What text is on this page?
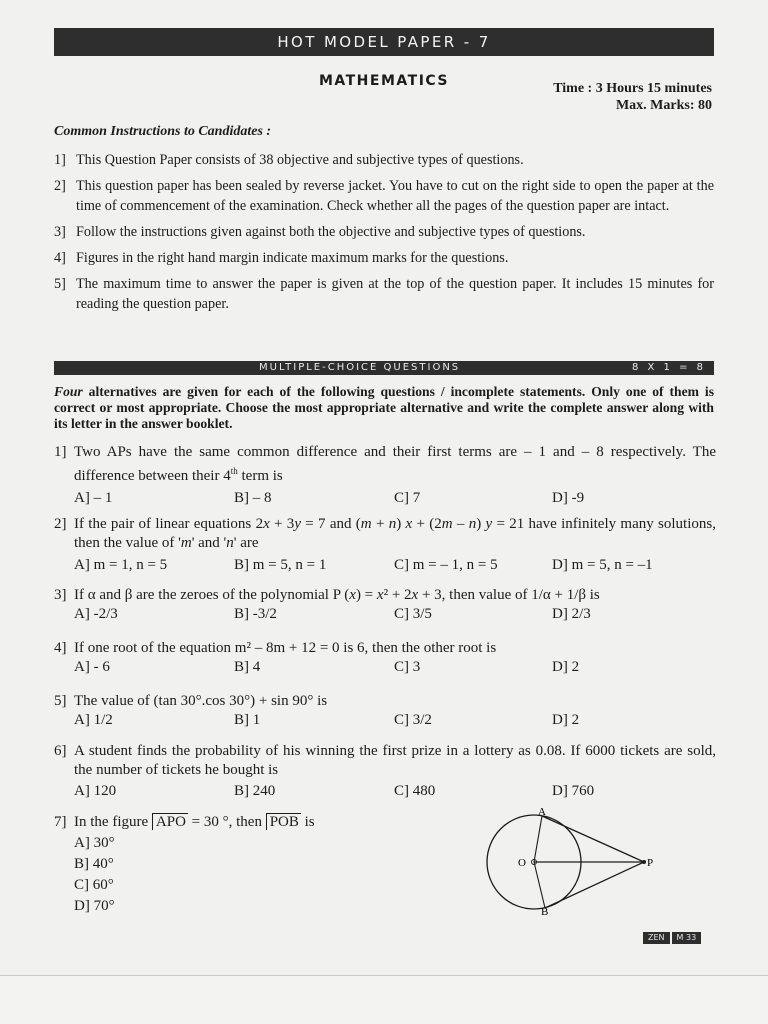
HOT MODEL PAPER - 7
MATHEMATICS	Time : 3 Hours 15 minutes
Max. Marks: 80
Common Instructions to Candidates :
1] This Question Paper consists of 38 objective and subjective types of questions.
2] This question paper has been sealed by reverse jacket. You have to cut on the right side to open the paper at the time of commencement of the examination. Check whether all the pages of the question paper are intact.
3] Follow the instructions given against both the objective and subjective types of questions.
4] Figures in the right hand margin indicate maximum marks for the questions.
5] The maximum time to answer the paper is given at the top of the question paper. It includes 15 minutes for reading the question paper.
MULTIPLE-CHOICE QUESTIONS	8 X 1 = 8
Four alternatives are given for each of the following questions / incomplete statements. Only one of them is correct or most appropriate. Choose the most appropriate alternative and write the complete answer along with its letter in the answer booklet.
1] Two APs have the same common difference and their first terms are – 1 and – 8 respectively. The difference between their 4th term is
A] – 1	B] – 8	C] 7	D] -9
2] If the pair of linear equations 2x + 3y = 7 and (m + n) x + (2m – n) y = 21 have infinitely many solutions, then the value of 'm' and 'n' are
A] m = 1, n = 5	B] m = 5, n = 1	C] m = – 1, n = 5	D] m = 5, n = –1
3] If α and β are the zeroes of the polynomial P (x) = x² + 2x + 3, then value of 1/α + 1/β is
A] -2/3	B] -3/2	C] 3/5	D] 2/3
4] If one root of the equation m² – 8m + 12 = 0 is 6, then the other root is
A] - 6	B] 4	C] 3	D] 2
5] The value of (tan 30°.cos 30°) + sin 90° is
A] 1/2	B] 1	C] 3/2	D] 2
6] A student finds the probability of his winning the first prize in a lottery as 0.08. If 6000 tickets are sold, the number of tickets he bought is
A] 120	B] 240	C] 480	D] 760
7] In the figure APO = 30 °, then POB is
A] 30°
B] 40°
C] 60°
D] 70°
A
B
O	P
ZEN	M 33
